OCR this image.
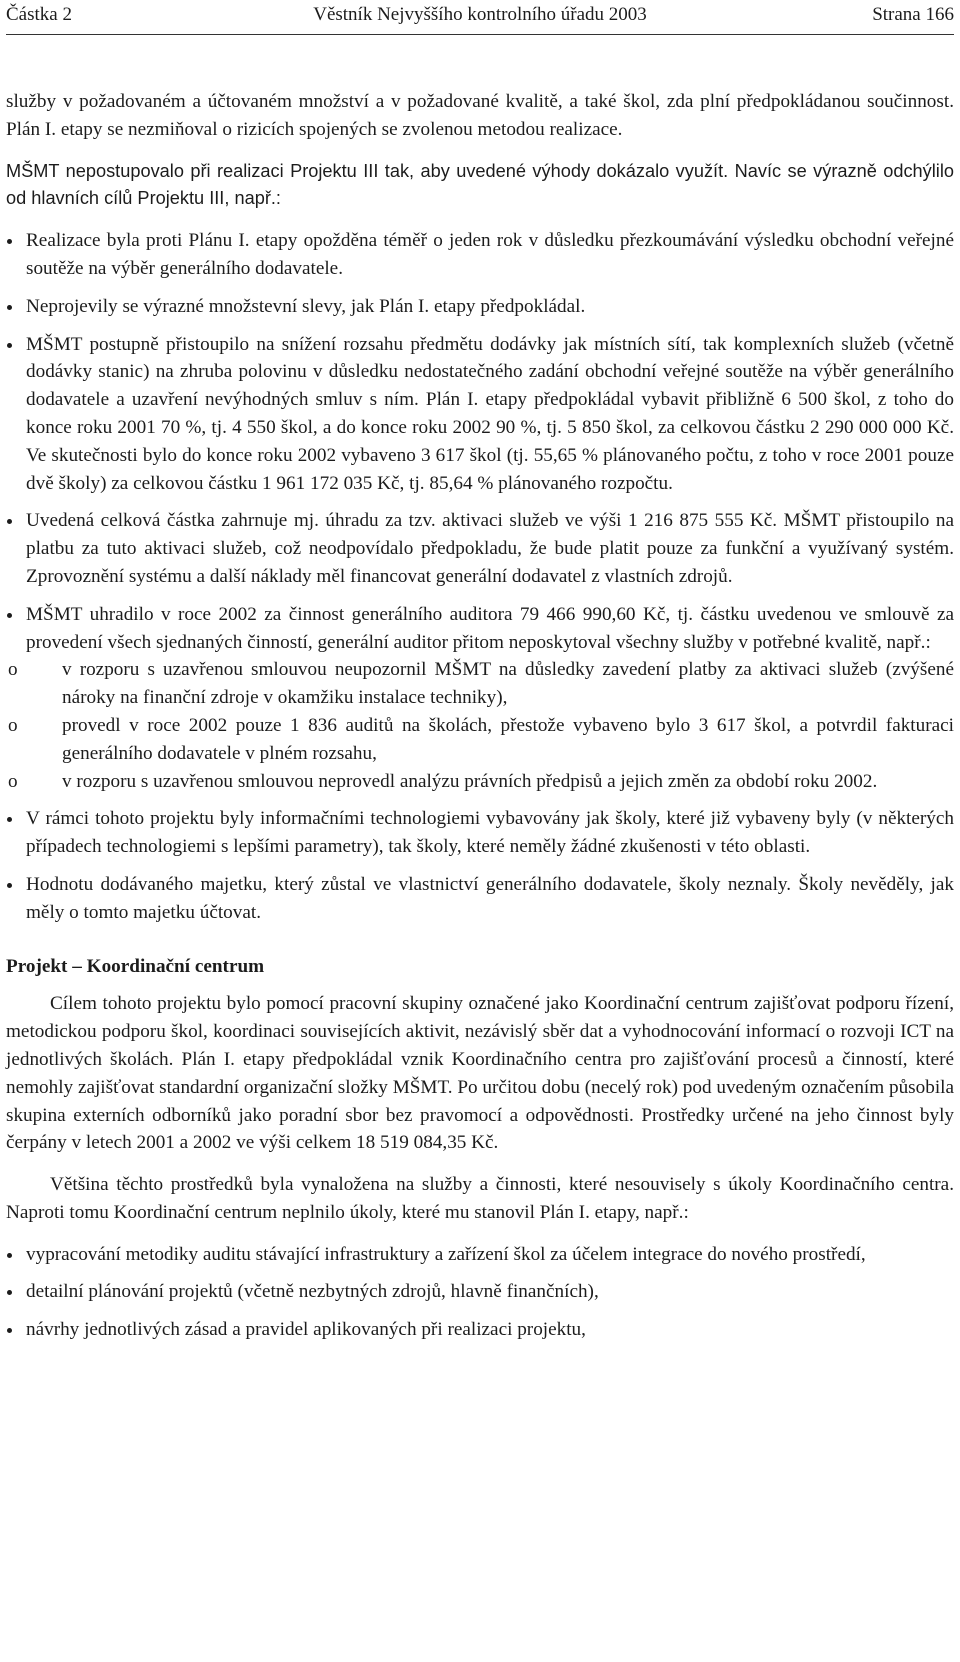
Částka 2	Věstník Nejvyššího kontrolního úřadu 2003	Strana 166

služby v požadovaném a účtovaném množství a v požadované kvalitě, a také škol, zda plní předpokládanou součinnost. Plán I. etapy se nezmiňoval o rizicích spojených se zvolenou metodou realizace.

MŠMT nepostupovalo při realizaci Projektu III tak, aby uvedené výhody dokázalo využít. Navíc se výrazně odchýlilo od hlavních cílů Projektu III, např.:

Realizace byla proti Plánu I. etapy opožděna téměř o jeden rok v důsledku přezkoumávání výsledku obchodní veřejné soutěže na výběr generálního dodavatele.
Neprojevily se výrazné množstevní slevy, jak Plán I. etapy předpokládal.
MŠMT postupně přistoupilo na snížení rozsahu předmětu dodávky jak místních sítí, tak komplexních služeb (včetně dodávky stanic) na zhruba polovinu v důsledku nedostatečného zadání obchodní veřejné soutěže na výběr generálního dodavatele a uzavření nevýhodných smluv s ním. Plán I. etapy předpokládal vybavit přibližně 6 500 škol, z toho do konce roku 2001 70 %, tj. 4 550 škol, a do konce roku 2002 90 %, tj. 5 850 škol, za celkovou částku 2 290 000 000 Kč. Ve skutečnosti bylo do konce roku 2002 vybaveno 3 617 škol (tj. 55,65 % plánovaného počtu, z toho v roce 2001 pouze dvě školy) za celkovou částku 1 961 172 035 Kč, tj. 85,64 % plánovaného rozpočtu.
Uvedená celková částka zahrnuje mj. úhradu za tzv. aktivaci služeb ve výši 1 216 875 555 Kč. MŠMT přistoupilo na platbu za tuto aktivaci služeb, což neodpovídalo předpokladu, že bude platit pouze za funkční a využívaný systém. Zprovoznění systému a další náklady měl financovat generální dodavatel z vlastních zdrojů.
MŠMT uhradilo v roce 2002 za činnost generálního auditora 79 466 990,60 Kč, tj. částku uvedenou ve smlouvě za provedení všech sjednaných činností, generální auditor přitom neposkytoval všechny služby v potřebné kvalitě, např.:
o v rozporu s uzavřenou smlouvou neupozornil MŠMT na důsledky zavedení platby za aktivaci služeb (zvýšené nároky na finanční zdroje v okamžiku instalace techniky),
o provedl v roce 2002 pouze 1 836 auditů na školách, přestože vybaveno bylo 3 617 škol, a potvrdil fakturaci generálního dodavatele v plném rozsahu,
o v rozporu s uzavřenou smlouvou neprovedl analýzu právních předpisů a jejich změn za období roku 2002.
V rámci tohoto projektu byly informačními technologiemi vybavovány jak školy, které již vybaveny byly (v některých případech technologiemi s lepšími parametry), tak školy, které neměly žádné zkušenosti v této oblasti.
Hodnotu dodávaného majetku, který zůstal ve vlastnictví generálního dodavatele, školy neznaly. Školy nevěděly, jak měly o tomto majetku účtovat.

Projekt – Koordinační centrum

Cílem tohoto projektu bylo pomocí pracovní skupiny označené jako Koordinační centrum zajišťovat podporu řízení, metodickou podporu škol, koordinaci souvisejících aktivit, nezávislý sběr dat a vyhodnocování informací o rozvoji ICT na jednotlivých školách. Plán I. etapy předpokládal vznik Koordinačního centra pro zajišťování procesů a činností, které nemohly zajišťovat standardní organizační složky MŠMT. Po určitou dobu (necelý rok) pod uvedeným označením působila skupina externích odborníků jako poradní sbor bez pravomocí a odpovědnosti. Prostředky určené na jeho činnost byly čerpány v letech 2001 a 2002 ve výši celkem 18 519 084,35 Kč.

Většina těchto prostředků byla vynaložena na služby a činnosti, které nesouvisely s úkoly Koordinačního centra. Naproti tomu Koordinační centrum neplnilo úkoly, které mu stanovil Plán I. etapy, např.:

vypracování metodiky auditu stávající infrastruktury a zařízení škol za účelem integrace do nového prostředí,
detailní plánování projektů (včetně nezbytných zdrojů, hlavně finančních),
návrhy jednotlivých zásad a pravidel aplikovaných při realizaci projektu,
